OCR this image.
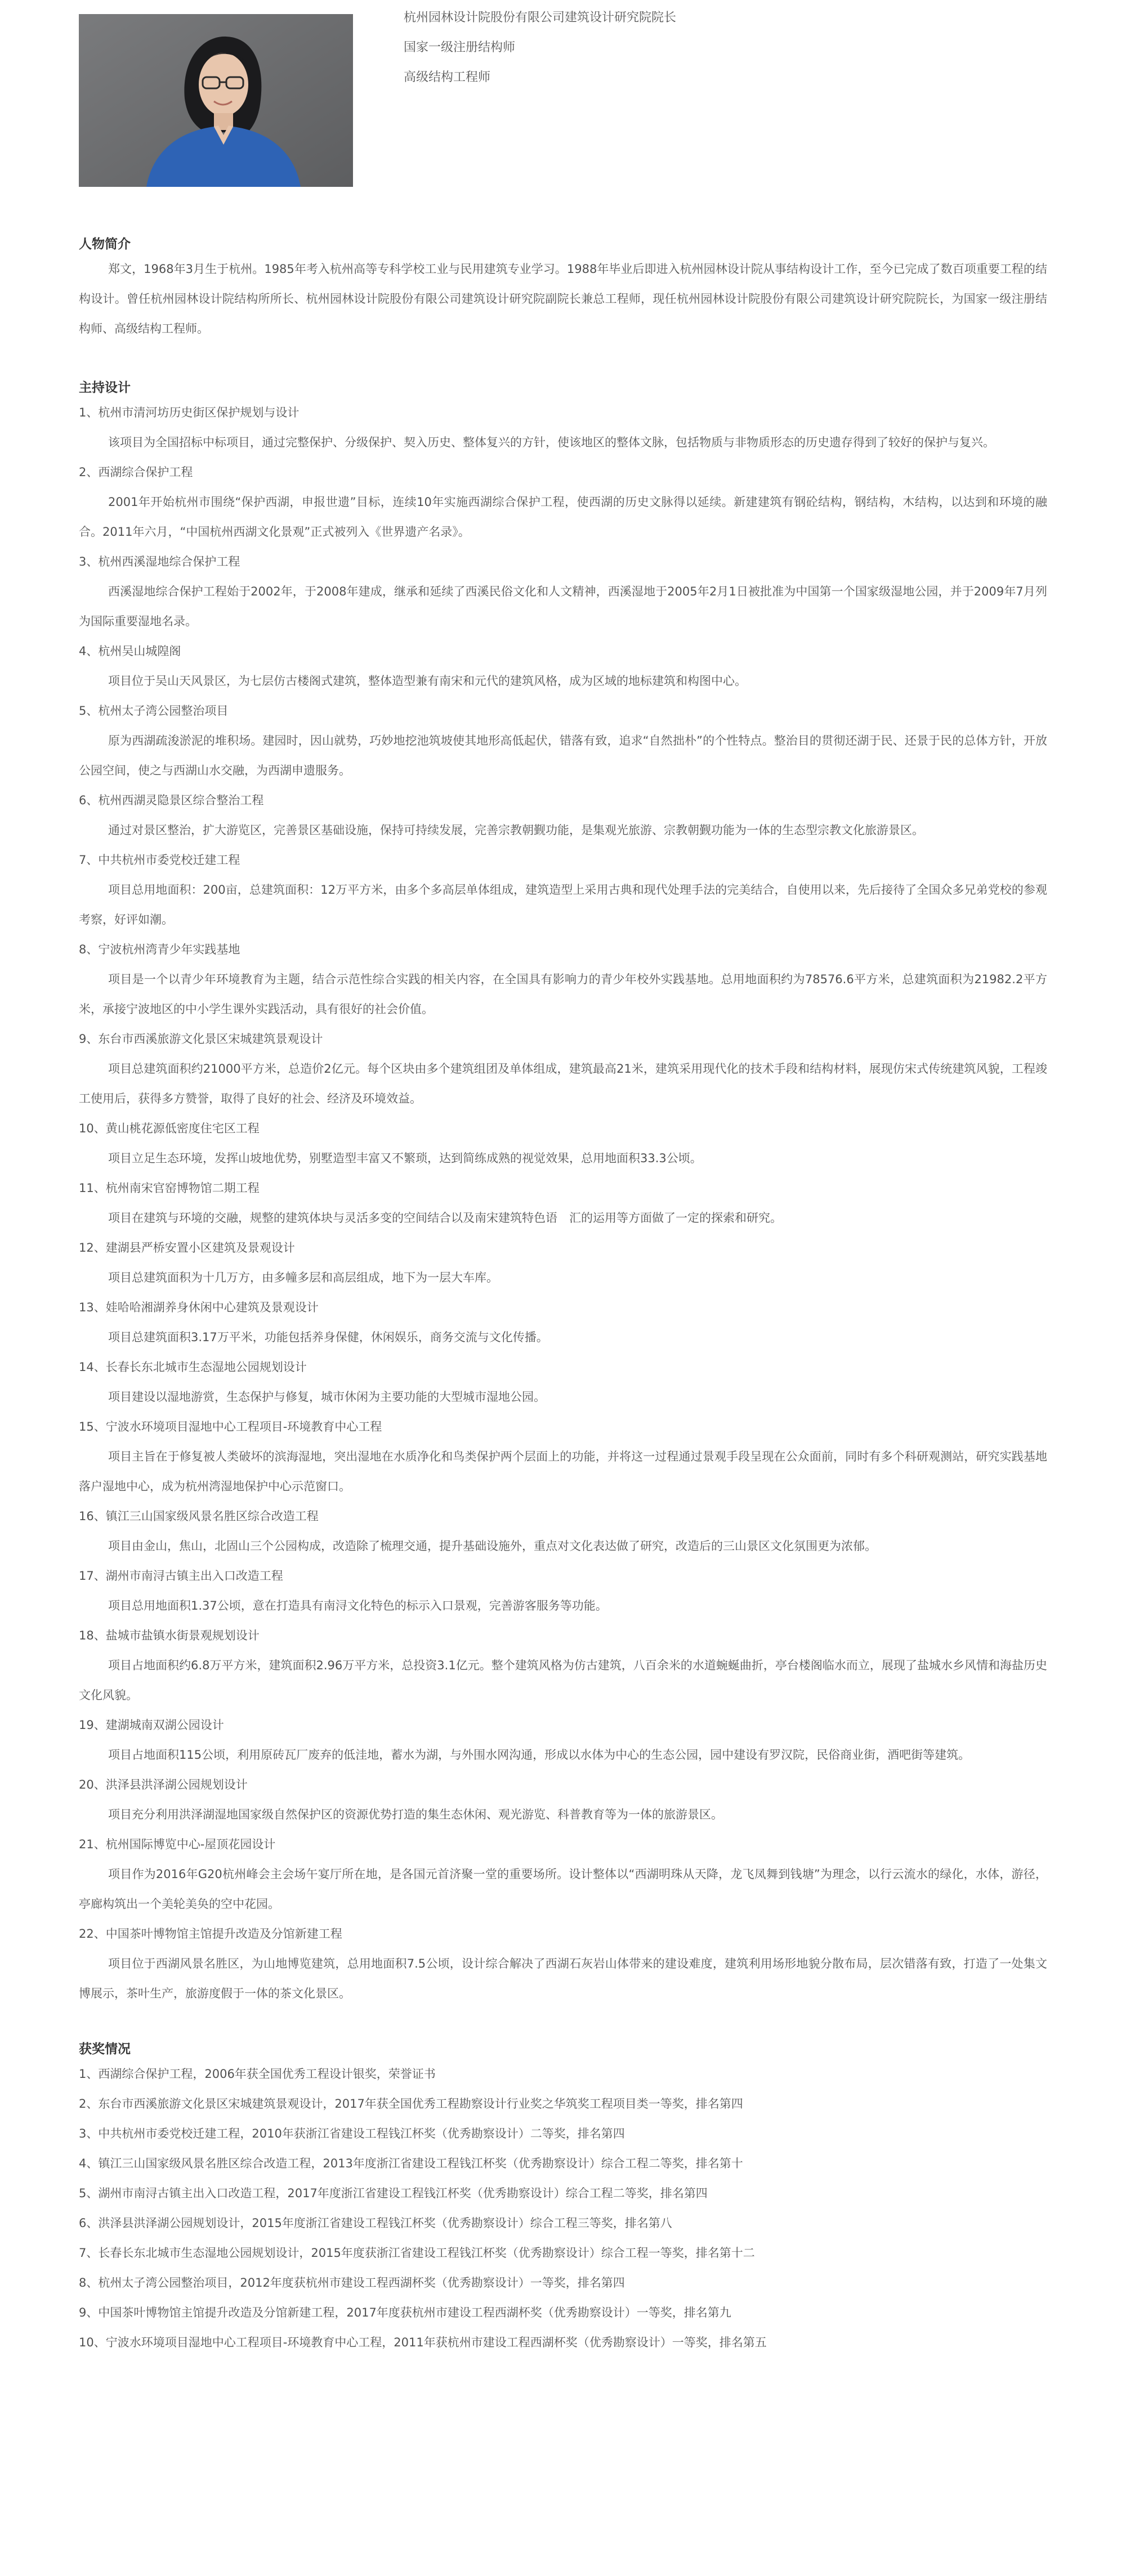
杭州园林设计院股份有限公司建筑设计研究院院长

国家一级注册结构师

高级结构工程师

人物简介

郑文，1968年3月生于杭州。1985年考入杭州高等专科学校工业与民用建筑专业学习。1988年毕业后即进入杭州园林设计院从事结构设计工作，至今已完成了数百项重要工程的结构设计。曾任杭州园林设计院结构所所长、杭州园林设计院股份有限公司建筑设计研究院副院长兼总工程师，现任杭州园林设计院股份有限公司建筑设计研究院院长，为国家一级注册结构师、高级结构工程师。

主持设计

1、杭州市清河坊历史街区保护规划与设计

该项目为全国招标中标项目，通过完整保护、分级保护、契入历史、整体复兴的方针，使该地区的整体文脉，包括物质与非物质形态的历史遗存得到了较好的保护与复兴。

2、西湖综合保护工程

2001年开始杭州市围绕“保护西湖，申报世遗”目标，连续10年实施西湖综合保护工程，使西湖的历史文脉得以延续。新建建筑有钢砼结构，钢结构，木结构，以达到和环境的融合。2011年六月，“中国杭州西湖文化景观”正式被列入《世界遗产名录》。

3、杭州西溪湿地综合保护工程

西溪湿地综合保护工程始于2002年，于2008年建成，继承和延续了西溪民俗文化和人文精神，西溪湿地于2005年2月1日被批准为中国第一个国家级湿地公园，并于2009年7月列为国际重要湿地名录。

4、杭州吴山城隍阁

项目位于吴山天风景区，为七层仿古楼阁式建筑，整体造型兼有南宋和元代的建筑风格，成为区域的地标建筑和构图中心。

5、杭州太子湾公园整治项目

原为西湖疏浚淤泥的堆积场。建园时，因山就势，巧妙地挖池筑坡使其地形高低起伏，错落有致，追求“自然拙朴”的个性特点。整治目的贯彻还湖于民、还景于民的总体方针，开放公园空间，使之与西湖山水交融，为西湖申遗服务。

6、杭州西湖灵隐景区综合整治工程

通过对景区整治，扩大游览区，完善景区基础设施，保持可持续发展，完善宗教朝觐功能，是集观光旅游、宗教朝觐功能为一体的生态型宗教文化旅游景区。

7、中共杭州市委党校迁建工程

项目总用地面积：200亩，总建筑面积：12万平方米，由多个多高层单体组成，建筑造型上采用古典和现代处理手法的完美结合，自使用以来，先后接待了全国众多兄弟党校的参观考察，好评如潮。

8、宁波杭州湾青少年实践基地

项目是一个以青少年环境教育为主题，结合示范性综合实践的相关内容，在全国具有影响力的青少年校外实践基地。总用地面积约为78576.6平方米，总建筑面积为21982.2平方米，承接宁波地区的中小学生课外实践活动，具有很好的社会价值。

9、东台市西溪旅游文化景区宋城建筑景观设计

项目总建筑面积约21000平方米，总造价2亿元。每个区块由多个建筑组团及单体组成，建筑最高21米，建筑采用现代化的技术手段和结构材料，展现仿宋式传统建筑风貌，工程竣工使用后，获得多方赞誉，取得了良好的社会、经济及环境效益。

10、黄山桃花源低密度住宅区工程

项目立足生态环境，发挥山坡地优势，别墅造型丰富又不繁琐，达到简练成熟的视觉效果，总用地面积33.3公顷。

11、杭州南宋官窑博物馆二期工程

项目在建筑与环境的交融，规整的建筑体块与灵活多变的空间结合以及南宋建筑特色语　汇的运用等方面做了一定的探索和研究。

12、建湖县严桥安置小区建筑及景观设计

项目总建筑面积为十几万方，由多幢多层和高层组成，地下为一层大车库。

13、娃哈哈湘湖养身休闲中心建筑及景观设计

项目总建筑面积3.17万平米，功能包括养身保健，休闲娱乐，商务交流与文化传播。

14、长春长东北城市生态湿地公园规划设计

项目建设以湿地游赏，生态保护与修复，城市休闲为主要功能的大型城市湿地公园。

15、宁波水环境项目湿地中心工程项目-环境教育中心工程

项目主旨在于修复被人类破坏的滨海湿地，突出湿地在水质净化和鸟类保护两个层面上的功能，并将这一过程通过景观手段呈现在公众面前，同时有多个科研观测站，研究实践基地落户湿地中心，成为杭州湾湿地保护中心示范窗口。

16、镇江三山国家级风景名胜区综合改造工程

项目由金山，焦山，北固山三个公园构成，改造除了梳理交通，提升基础设施外，重点对文化表达做了研究，改造后的三山景区文化氛围更为浓郁。

17、湖州市南浔古镇主出入口改造工程

项目总用地面积1.37公顷，意在打造具有南浔文化特色的标示入口景观，完善游客服务等功能。

18、盐城市盐镇水街景观规划设计

项目占地面积约6.8万平方米，建筑面积2.96万平方米，总投资3.1亿元。整个建筑风格为仿古建筑，八百余米的水道蜿蜒曲折，亭台楼阁临水而立，展现了盐城水乡风情和海盐历史文化风貌。

19、建湖城南双湖公园设计

项目占地面积115公顷，利用原砖瓦厂废弃的低洼地，蓄水为湖，与外围水网沟通，形成以水体为中心的生态公园，园中建设有罗汉院，民俗商业街，酒吧街等建筑。

20、洪泽县洪泽湖公园规划设计

项目充分利用洪泽湖湿地国家级自然保护区的资源优势打造的集生态休闲、观光游览、科普教育等为一体的旅游景区。

21、杭州国际博览中心-屋顶花园设计

项目作为2016年G20杭州峰会主会场午宴厅所在地，是各国元首济聚一堂的重要场所。设计整体以“西湖明珠从天降，龙飞凤舞到钱塘”为理念，以行云流水的绿化，水体，游径，亭廊构筑出一个美轮美奂的空中花园。

22、中国茶叶博物馆主馆提升改造及分馆新建工程

项目位于西湖风景名胜区，为山地博览建筑，总用地面积7.5公顷，设计综合解决了西湖石灰岩山体带来的建设难度，建筑利用场形地貌分散布局，层次错落有致，打造了一处集文博展示，茶叶生产，旅游度假于一体的茶文化景区。

获奖情况

1、西湖综合保护工程，2006年获全国优秀工程设计银奖，荣誉证书

2、东台市西溪旅游文化景区宋城建筑景观设计，2017年获全国优秀工程勘察设计行业奖之华筑奖工程项目类一等奖，排名第四

3、中共杭州市委党校迁建工程，2010年获浙江省建设工程钱江杯奖（优秀勘察设计）二等奖，排名第四

4、镇江三山国家级风景名胜区综合改造工程，2013年度浙江省建设工程钱江杯奖（优秀勘察设计）综合工程二等奖，排名第十

5、湖州市南浔古镇主出入口改造工程，2017年度浙江省建设工程钱江杯奖（优秀勘察设计）综合工程二等奖，排名第四

6、洪泽县洪泽湖公园规划设计，2015年度浙江省建设工程钱江杯奖（优秀勘察设计）综合工程三等奖，排名第八

7、长春长东北城市生态湿地公园规划设计，2015年度获浙江省建设工程钱江杯奖（优秀勘察设计）综合工程一等奖，排名第十二

8、杭州太子湾公园整治项目，2012年度获杭州市建设工程西湖杯奖（优秀勘察设计）一等奖，排名第四

9、中国茶叶博物馆主馆提升改造及分馆新建工程，2017年度获杭州市建设工程西湖杯奖（优秀勘察设计）一等奖，排名第九

10、宁波水环境项目湿地中心工程项目-环境教育中心工程，2011年获杭州市建设工程西湖杯奖（优秀勘察设计）一等奖，排名第五
